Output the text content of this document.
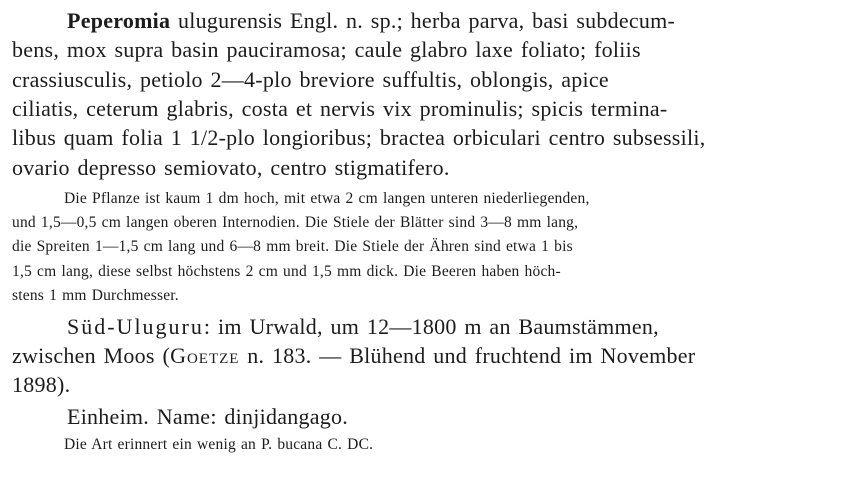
Peperomia ulugurensis Engl. n. sp.; herba parva, basi subdecum-
bens, mox supra basin pauciramosa; caule glabro laxe foliato; foliis
crassiusculis, petiolo 2—4-plo breviore suffultis, oblongis, apice
ciliatis, ceterum glabris, costa et nervis vix prominulis; spicis termina-
libus quam folia 1 1/2-plo longioribus; bractea orbiculari centro subsessili,
ovario depresso semiovato, centro stigmatifero.
Die Pflanze ist kaum 1 dm hoch, mit etwa 2 cm langen unteren niederliegenden,
und 1,5—0,5 cm langen oberen Internodien. Die Stiele der Blätter sind 3—8 mm lang,
die Spreiten 1—1,5 cm lang und 6—8 mm breit. Die Stiele der Ähren sind etwa 1 bis
1,5 cm lang, diese selbst höchstens 2 cm und 1,5 mm dick. Die Beeren haben höch-
stens 1 mm Durchmesser.
Süd-Uluguru: im Urwald, um 12—1800 m an Baumstämmen,
zwischen Moos (Goetze n. 183. — Blühend und fruchtend im November
1898).
Einheim. Name: dinjidangago.
Die Art erinnert ein wenig an P. bucana C. DC.
